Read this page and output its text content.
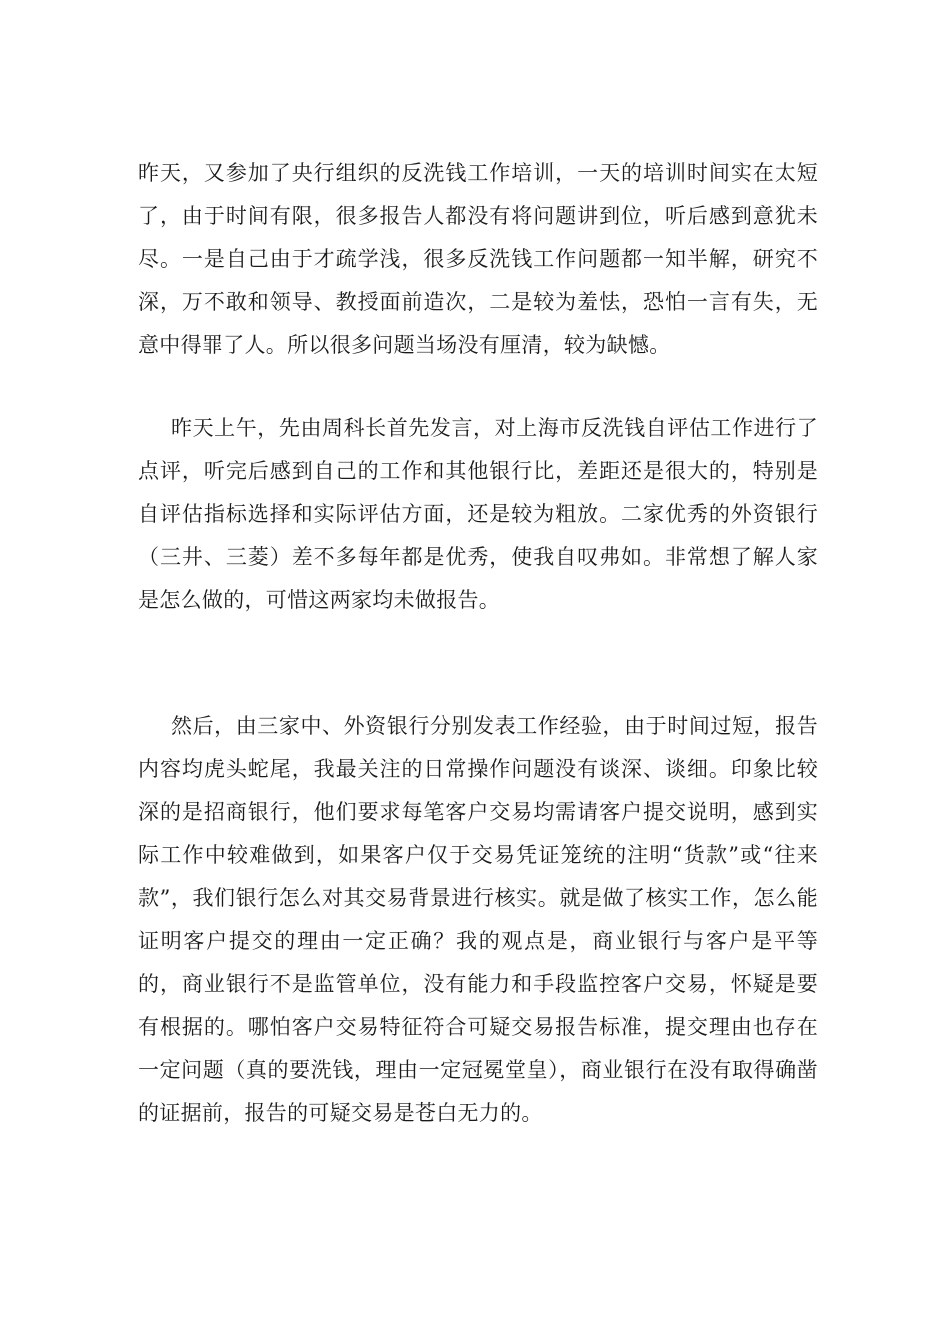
昨天，又参加了央行组织的反洗钱工作培训，一天的培训时间实在太短了，由于时间有限，很多报告人都没有将问题讲到位，听后感到意犹未尽。一是自己由于才疏学浅，很多反洗钱工作问题都一知半解，研究不深，万不敢和领导、教授面前造次，二是较为羞怯，恐怕一言有失，无意中得罪了人。所以很多问题当场没有厘清，较为缺憾。

昨天上午，先由周科长首先发言，对上海市反洗钱自评估工作进行了点评，听完后感到自己的工作和其他银行比，差距还是很大的，特别是自评估指标选择和实际评估方面，还是较为粗放。二家优秀的外资银行（三井、三菱）差不多每年都是优秀，使我自叹弗如。非常想了解人家是怎么做的，可惜这两家均未做报告。

然后，由三家中、外资银行分别发表工作经验，由于时间过短，报告内容均虎头蛇尾，我最关注的日常操作问题没有谈深、谈细。印象比较深的是招商银行，他们要求每笔客户交易均需请客户提交说明，感到实际工作中较难做到，如果客户仅于交易凭证笼统的注明“货款”或“往来款”，我们银行怎么对其交易背景进行核实。就是做了核实工作，怎么能证明客户提交的理由一定正确？我的观点是，商业银行与客户是平等的，商业银行不是监管单位，没有能力和手段监控客户交易，怀疑是要有根据的。哪怕客户交易特征符合可疑交易报告标准，提交理由也存在一定问题（真的要洗钱，理由一定冠冕堂皇），商业银行在没有取得确凿的证据前，报告的可疑交易是苍白无力的。
